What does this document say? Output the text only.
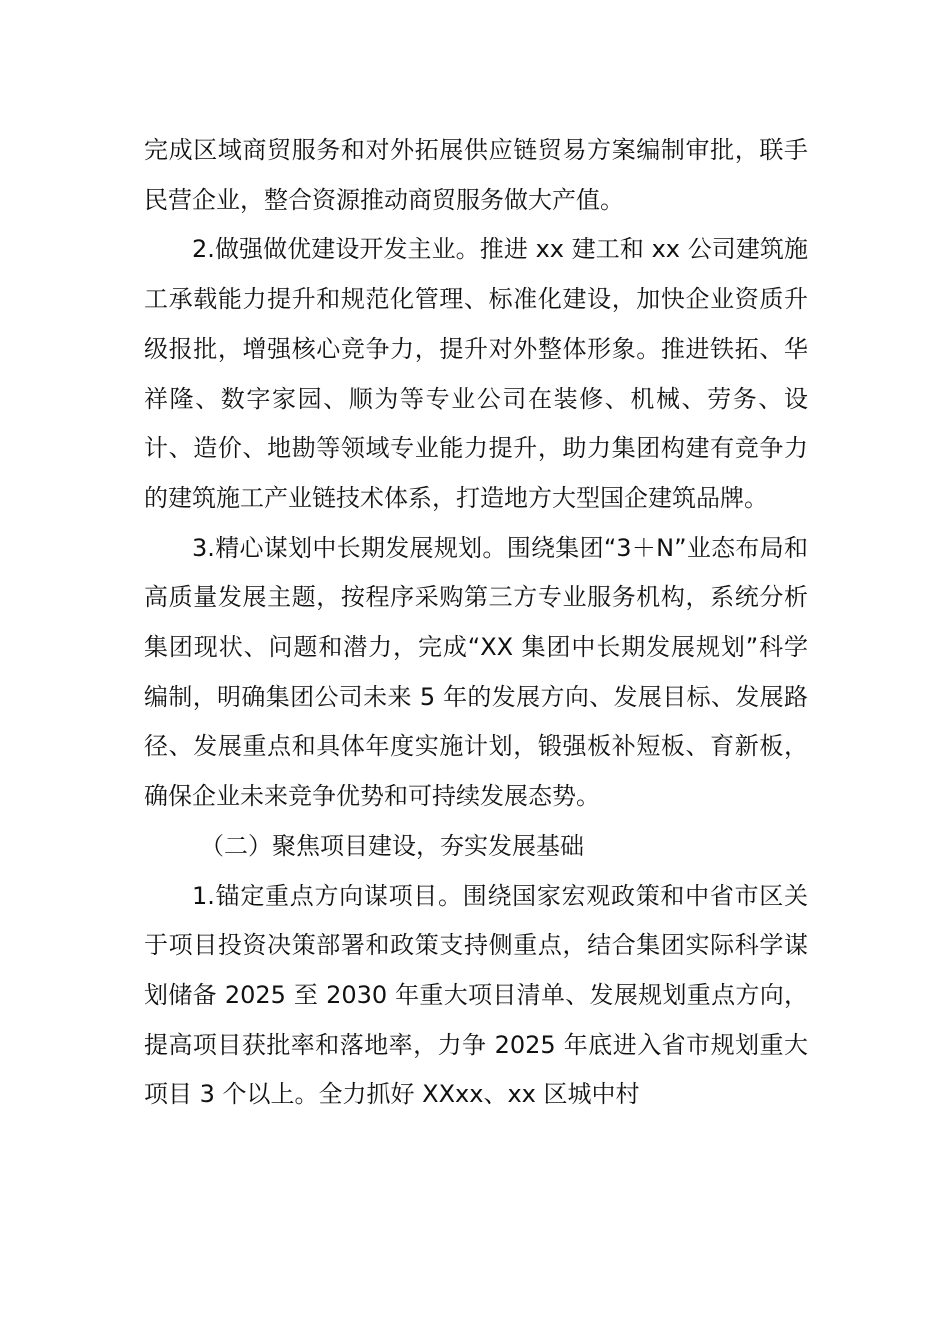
完成区域商贸服务和对外拓展供应链贸易方案编制审批，联手民营企业，整合资源推动商贸服务做大产值。

2.做强做优建设开发主业。推进 xx 建工和 xx 公司建筑施工承载能力提升和规范化管理、标准化建设，加快企业资质升级报批，增强核心竞争力，提升对外整体形象。推进铁拓、华祥隆、数字家园、顺为等专业公司在装修、机械、劳务、设计、造价、地勘等领域专业能力提升，助力集团构建有竞争力的建筑施工产业链技术体系，打造地方大型国企建筑品牌。

3.精心谋划中长期发展规划。围绕集团“3＋N”业态布局和高质量发展主题，按程序采购第三方专业服务机构，系统分析集团现状、问题和潜力，完成“XX 集团中长期发展规划”科学编制，明确集团公司未来 5 年的发展方向、发展目标、发展路径、发展重点和具体年度实施计划，锻强板补短板、育新板，确保企业未来竞争优势和可持续发展态势。

（二）聚焦项目建设，夯实发展基础

1.锚定重点方向谋项目。围绕国家宏观政策和中省市区关于项目投资决策部署和政策支持侧重点，结合集团实际科学谋划储备 2025 至 2030 年重大项目清单、发展规划重点方向，提高项目获批率和落地率，力争 2025 年底进入省市规划重大项目 3 个以上。全力抓好 XXxx、xx 区城中村
